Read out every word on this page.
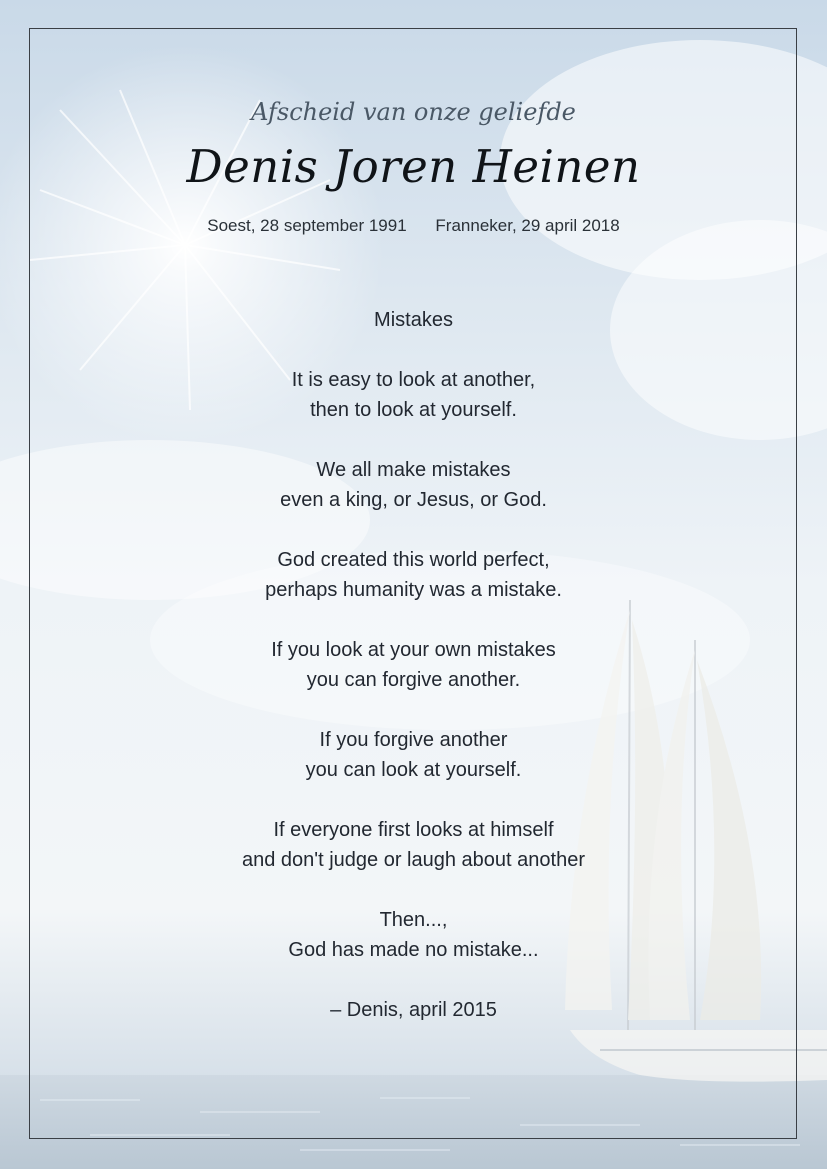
Afscheid van onze geliefde
Denis Joren Heinen
Soest, 28 september 1991 Franneker, 29 april 2018
Mistakes
It is easy to look at another,
then to look at yourself.
We all make mistakes
even a king, or Jesus, or God.
God created this world perfect,
perhaps humanity was a mistake.
If you look at your own mistakes
you can forgive another.
If you forgive another
you can look at yourself.
If everyone first looks at himself
and don't judge or laugh about another
Then...,
God has made no mistake...
– Denis, april 2015
